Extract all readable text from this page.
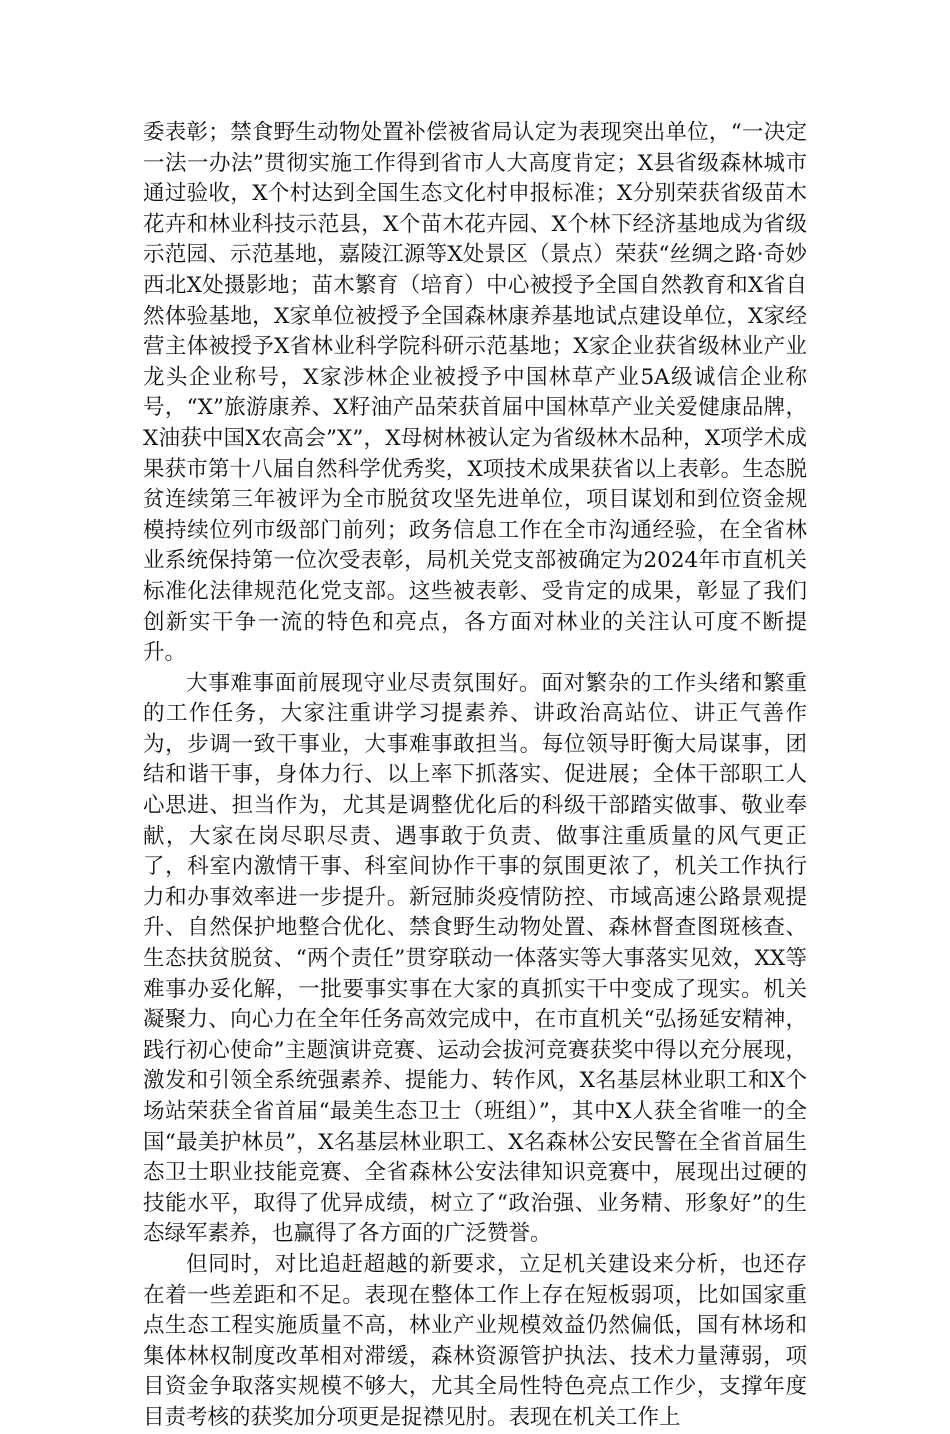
委表彰；禁食野生动物处置补偿被省局认定为表现突出单位，“一决定一法一办法”贯彻实施工作得到省市人大高度肯定；X县省级森林城市通过验收，X个村达到全国生态文化村申报标准；X分别荣获省级苗木花卉和林业科技示范县，X个苗木花卉园、X个林下经济基地成为省级示范园、示范基地，嘉陵江源等X处景区（景点）荣获“丝绸之路·奇妙西北X处摄影地；苗木繁育（培育）中心被授予全国自然教育和X省自然体验基地，X家单位被授予全国森林康养基地试点建设单位，X家经营主体被授予X省林业科学院科研示范基地；X家企业获省级林业产业龙头企业称号，X家涉林企业被授予中国林草产业5A级诚信企业称号，“X”旅游康养、X籽油产品荣获首届中国林草产业关爱健康品牌，X油获中国X农高会”X”，X母树林被认定为省级林木品种，X项学术成果获市第十八届自然科学优秀奖，X项技术成果获省以上表彰。生态脱贫连续第三年被评为全市脱贫攻坚先进单位，项目谋划和到位资金规模持续位列市级部门前列；政务信息工作在全市沟通经验，在全省林业系统保持第一位次受表彰，局机关党支部被确定为2024年市直机关标准化法律规范化党支部。这些被表彰、受肯定的成果，彰显了我们创新实干争一流的特色和亮点，各方面对林业的关注认可度不断提升。

大事难事面前展现守业尽责氛围好。面对繁杂的工作头绪和繁重的工作任务，大家注重讲学习提素养、讲政治高站位、讲正气善作为，步调一致干事业，大事难事敢担当。每位领导盱衡大局谋事，团结和谐干事，身体力行、以上率下抓落实、促进展；全体干部职工人心思进、担当作为，尤其是调整优化后的科级干部踏实做事、敬业奉献，大家在岗尽职尽责、遇事敢于负责、做事注重质量的风气更正了，科室内激情干事、科室间协作干事的氛围更浓了，机关工作执行力和办事效率进一步提升。新冠肺炎疫情防控、市域高速公路景观提升、自然保护地整合优化、禁食野生动物处置、森林督查图斑核查、生态扶贫脱贫、“两个责任”贯穿联动一体落实等大事落实见效，XX等难事办妥化解，一批要事实事在大家的真抓实干中变成了现实。机关凝聚力、向心力在全年任务高效完成中，在市直机关“弘扬延安精神，践行初心使命”主题演讲竞赛、运动会拔河竞赛获奖中得以充分展现，激发和引领全系统强素养、提能力、转作风，X名基层林业职工和X个场站荣获全省首届“最美生态卫士（班组）”，其中X人获全省唯一的全国“最美护林员”，X名基层林业职工、X名森林公安民警在全省首届生态卫士职业技能竞赛、全省森林公安法律知识竞赛中，展现出过硬的技能水平，取得了优异成绩，树立了“政治强、业务精、形象好”的生态绿军素养，也赢得了各方面的广泛赞誉。

但同时，对比追赶超越的新要求，立足机关建设来分析，也还存在着一些差距和不足。表现在整体工作上存在短板弱项，比如国家重点生态工程实施质量不高，林业产业规模效益仍然偏低，国有林场和集体林权制度改革相对滞缓，森林资源管护执法、技术力量薄弱，项目资金争取落实规模不够大，尤其全局性特色亮点工作少，支撑年度目责考核的获奖加分项更是捉襟见肘。表现在机关工作上
